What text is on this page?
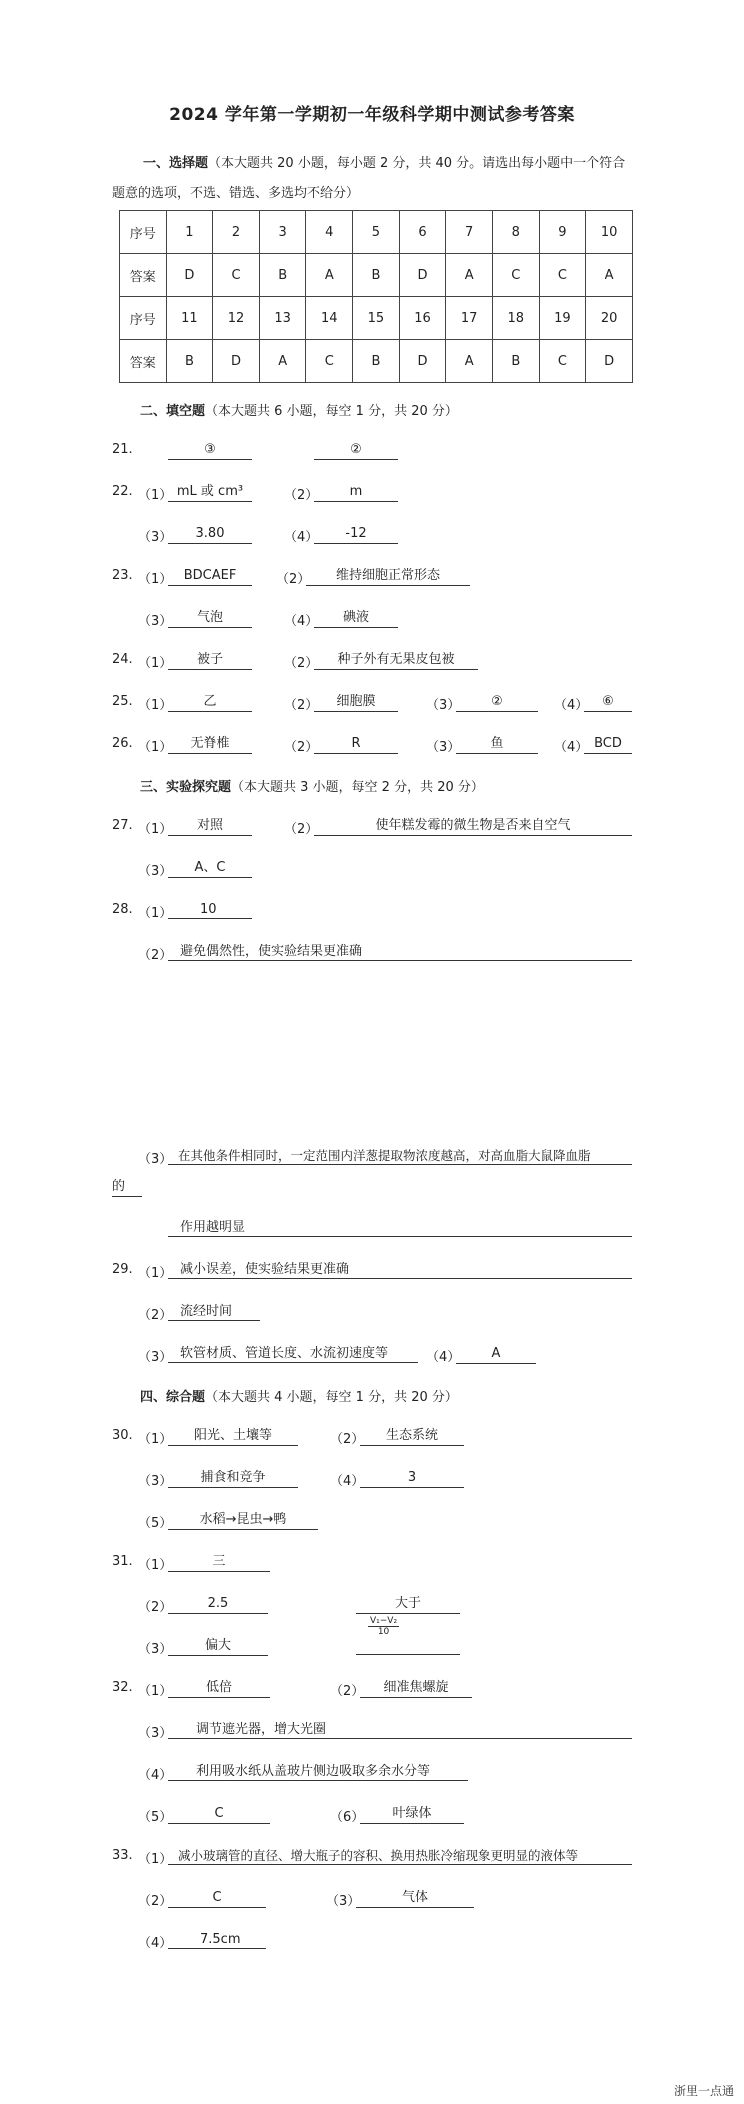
2024 学年第一学期初一年级科学期中测试参考答案
一、选择题（本大题共 20 小题，每小题 2 分，共 40 分。请选出每小题中一个符合
题意的选项，不选、错选、多选均不给分）
序号	1	2	3	4	5	6	7	8	9	10
答案	D	C	B	A	B	D	A	C	C	A
序号	11	12	13	14	15	16	17	18	19	20
答案	B	D	A	C	B	D	A	B	C	D
二、填空题（本大题共 6 小题，每空 1 分，共 20 分）
21.	③	②
22. （1） mL 或 cm³	（2）	m
（3）	3.80	（4）	-12
23. （1） BDCAEF	（2）	维持细胞正常形态
（3）	气泡	（4）	碘液
24. （1）	被子	（2）	种子外有无果皮包被
25. （1）	乙	（2）	细胞膜	（3）	②	（4）	⑥
26. （1）	无脊椎	（2）	R	（3）	鱼	（4） BCD
三、实验探究题（本大题共 3 小题，每空 2 分，共 20 分）
27. （1）	对照	（2）	使年糕发霉的微生物是否来自空气
（3）	A、C
28. （1）	10
（2） 避免偶然性，使实验结果更准确
（3） 在其他条件相同时，一定范围内洋葱提取物浓度越高，对高血脂大鼠降血脂
的
作用越明显
29. （1） 减小误差，使实验结果更准确
（2） 流经时间
（3） 软管材质、管道长度、水流初速度等	（4）	A
四、综合题（本大题共 4 小题，每空 1 分，共 20 分）
30. （1）	阳光、土壤等	（2）	生态系统
（3）	捕食和竞争	（4）	3
（5）	水稻→昆虫→鸭
31. （1）	三
（2）	2.5	大于
（3）	偏大
$\frac{\text{V₁−V₂}}{10}$
32. （1）	低倍	（2）	细准焦螺旋
（3）	调节遮光器，增大光圈
（4）	利用吸水纸从盖玻片侧边吸取多余水分等
（5）	C	（6）	叶绿体
33. （1） 减小玻璃管的直径、增大瓶子的容积、换用热胀冷缩现象更明显的液体等
（2）	C	（3）	气体
（4）	7.5cm
浙里一点通
